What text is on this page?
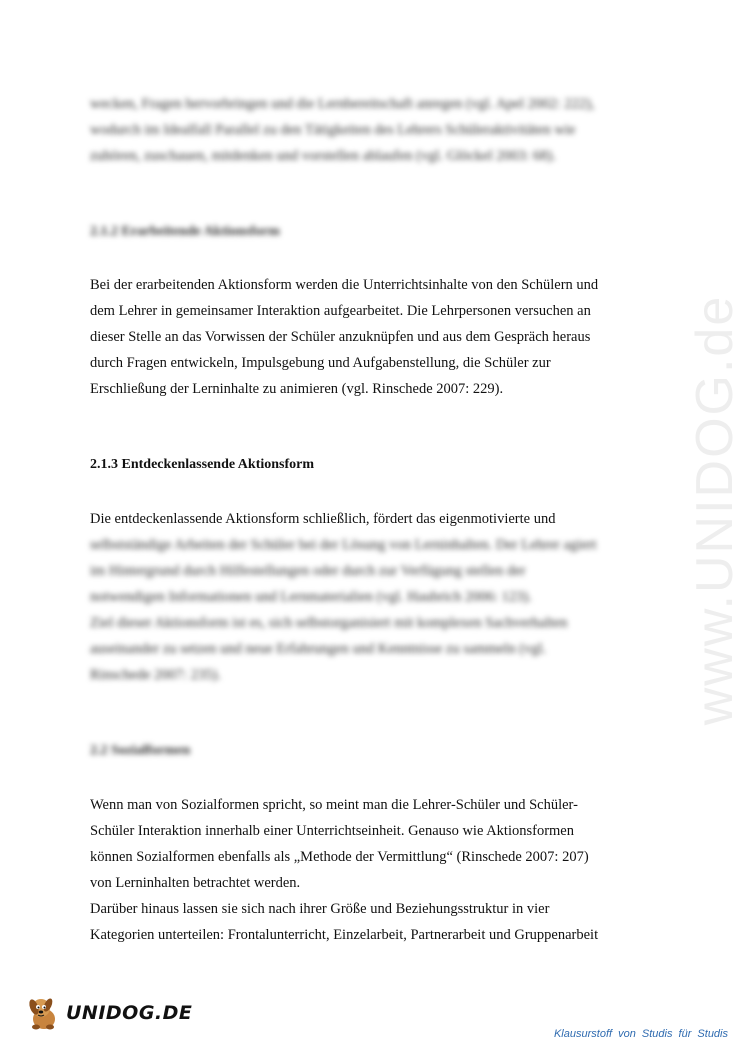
www.UNIDOG.de
wecken, Fragen hervorbringen und die Lernbereitschaft anregen (vgl. Apel 2002: 222),
wodurch im Idealfall Parallel zu den Tätigkeiten des Lehrers Schüleraktivitäten wie
zuhören, zuschauen, mitdenken und vorstellen ablaufen (vgl. Glöckel 2003: 68).
2.1.2 Erarbeitende Aktionsform
Bei der erarbeitenden Aktionsform werden die Unterrichtsinhalte von den Schülern und
dem Lehrer in gemeinsamer Interaktion aufgearbeitet. Die Lehrpersonen versuchen an
dieser Stelle an das Vorwissen der Schüler anzuknüpfen und aus dem Gespräch heraus
durch Fragen entwickeln, Impulsgebung und Aufgabenstellung, die Schüler zur
Erschließung der Lerninhalte zu animieren (vgl. Rinschede 2007: 229).
2.1.3 Entdeckenlassende Aktionsform
Die entdeckenlassende Aktionsform schließlich, fördert das eigenmotivierte und
selbstständige Arbeiten der Schüler bei der Lösung von Lerninhalten. Der Lehrer agiert
im Hintergrund durch Hilfestellungen oder durch zur Verfügung stellen der
notwendigen Informationen und Lernmaterialien (vgl. Haubrich 2006: 123).
Ziel dieser Aktionsform ist es, sich selbstorganisiert mit komplexen Sachverhalten
auseinander zu setzen und neue Erfahrungen und Kenntnisse zu sammeln (vgl.
Rinschede 2007: 235).
2.2 Sozialformen
Wenn man von Sozialformen spricht, so meint man die Lehrer-Schüler und Schüler-
Schüler Interaktion innerhalb einer Unterrichtseinheit. Genauso wie Aktionsformen
können Sozialformen ebenfalls als „Methode der Vermittlung“ (Rinschede 2007: 207)
von Lerninhalten betrachtet werden.
Darüber hinaus lassen sie sich nach ihrer Größe und Beziehungsstruktur in vier
Kategorien unterteilen: Frontalunterricht, Einzelarbeit, Partnerarbeit und Gruppenarbeit
UNIDOG.DE
Klausurstoff von Studis für Studis
